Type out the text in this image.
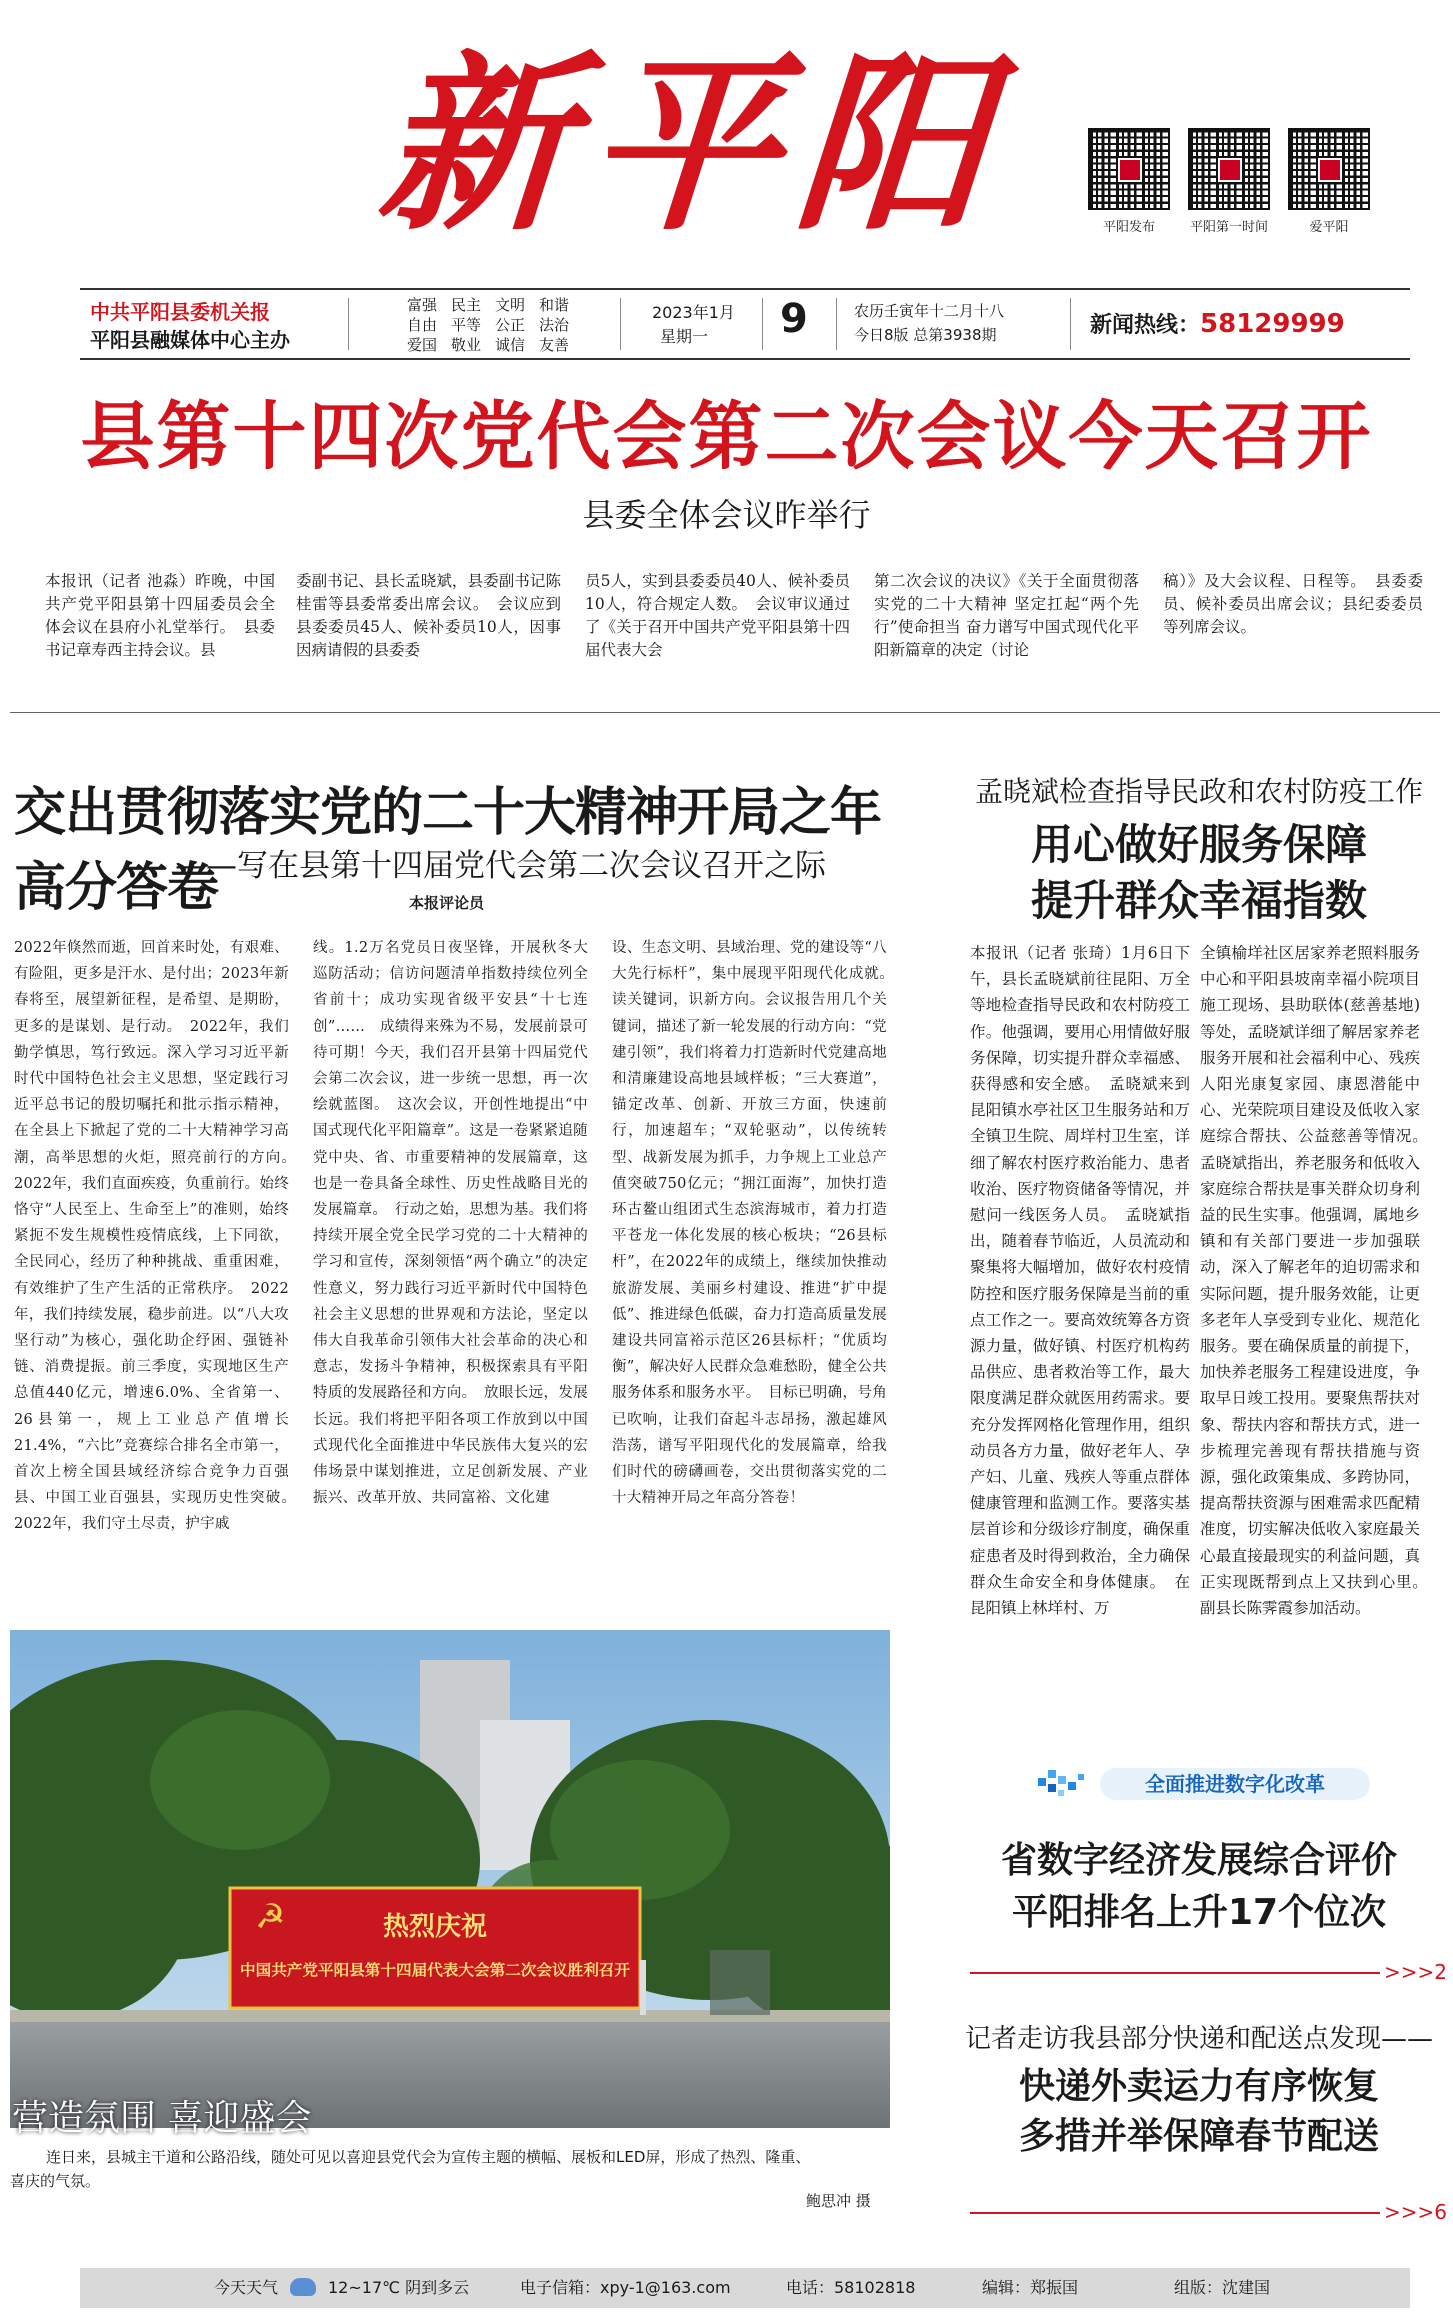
新平阳	平阳发布	平阳第一时间	爱平阳
中共平阳县委机关报
平阳县融媒体中心主办
富强 民主 文明 和谐自由 平等 公正 法治爱国 敬业 诚信 友善
2023年1月
星期一 9	农历壬寅年十二月十八
今日8版 总第3938期	新闻热线：58129999
县第十四次党代会第二次会议今天召开
县委全体会议昨举行
本报讯（记者 池淼）昨晚，中国共产党平阳县第十四届委员会全体会议在县府小礼堂举行。　县委书记章寿西主持会议。县
委副书记、县长孟晓斌，县委副书记陈桂雷等县委常委出席会议。　会议应到县委委员45人、候补委员10人，因事因病请假的县委委
员5人，实到县委委员40人、候补委员10人，符合规定人数。　会议审议通过了《关于召开中国共产党平阳县第十四届代表大会
第二次会议的决议》《关于全面贯彻落实党的二十大精神 坚定扛起“两个先行”使命担当 奋力谱写中国式现代化平阳新篇章的决定（讨论
稿）》及大会议程、日程等。　县委委员、候补委员出席会议；县纪委委员等列席会议。
交出贯彻落实党的二十大精神开局之年高分答卷
——写在县第十四届党代会第二次会议召开之际
本报评论员
2022年倏然而逝，回首来时处，有艰难、有险阻，更多是汗水、是付出；2023年新春将至，展望新征程，是希望、是期盼，更多的是谋划、是行动。　2022年，我们勤学慎思，笃行致远。深入学习习近平新时代中国特色社会主义思想，坚定践行习近平总书记的殷切嘱托和批示指示精神，在全县上下掀起了党的二十大精神学习高潮，高举思想的火炬，照亮前行的方向。　2022年，我们直面疾疫，负重前行。始终恪守“人民至上、生命至上”的准则，始终紧扼不发生规模性疫情底线，上下同欲，全民同心，经历了种种挑战、重重困难，有效维护了生产生活的正常秩序。　2022年，我们持续发展，稳步前进。以“八大攻坚行动”为核心，强化助企纾困、强链补链、消费提振。前三季度，实现地区生产总值440亿元，增速6.0%、全省第一、26县第一，规上工业总产值增长21.4%，“六比”竞赛综合排名全市第一，首次上榜全国县域经济综合竞争力百强县、中国工业百强县，实现历史性突破。　2022年，我们守土尽责，护宇戚
线。1.2万名党员日夜坚锋，开展秋冬大巡防活动；信访问题清单指数持续位列全省前十；成功实现省级平安县“十七连创”……　成绩得来殊为不易，发展前景可待可期！今天，我们召开县第十四届党代会第二次会议，进一步统一思想，再一次绘就蓝图。　这次会议，开创性地提出“中国式现代化平阳篇章”。这是一卷紧紧追随党中央、省、市重要精神的发展篇章，这也是一卷具备全球性、历史性战略目光的发展篇章。　行动之始，思想为基。我们将持续开展全党全民学习党的二十大精神的学习和宣传，深刻领悟“两个确立”的决定性意义，努力践行习近平新时代中国特色社会主义思想的世界观和方法论，坚定以伟大自我革命引领伟大社会革命的决心和意志，发扬斗争精神，积极探索具有平阳特质的发展路径和方向。　放眼长远，发展长远。我们将把平阳各项工作放到以中国式现代化全面推进中华民族伟大复兴的宏伟场景中谋划推进，立足创新发展、产业振兴、改革开放、共同富裕、文化建
设、生态文明、县域治理、党的建设等“八大先行标杆”，集中展现平阳现代化成就。　读关键词，识新方向。会议报告用几个关键词，描述了新一轮发展的行动方向：“党建引领”，我们将着力打造新时代党建高地和清廉建设高地县域样板；“三大赛道”，锚定改革、创新、开放三方面，快速前行，加速超车；“双轮驱动”，以传统转型、战新发展为抓手，力争规上工业总产值突破750亿元；“拥江面海”，加快打造环古鳌山组团式生态滨海城市，着力打造平苍龙一体化发展的核心板块；“26县标杆”，在2022年的成绩上，继续加快推动旅游发展、美丽乡村建设、推进“扩中提低”、推进绿色低碳，奋力打造高质量发展建设共同富裕示范区26县标杆；“优质均衡”，解决好人民群众急难愁盼，健全公共服务体系和服务水平。　目标已明确，号角已吹响，让我们奋起斗志昂扬，激起雄风浩荡，谱写平阳现代化的发展篇章，给我们时代的磅礴画卷，交出贯彻落实党的二十大精神开局之年高分答卷！
☭	热烈庆祝
中国共产党平阳县第十四届代表大会第二次会议胜利召开
营造氛围 喜迎盛会
连日来，县城主干道和公路沿线，随处可见以喜迎县党代会为宣传主题的横幅、展板和LED屏，形成了热烈、隆重、
喜庆的气氛。
鲍思冲 摄
孟晓斌检查指导民政和农村防疫工作
用心做好服务保障
提升群众幸福指数
本报讯（记者 张琦）1月6日下午，县长孟晓斌前往昆阳、万全等地检查指导民政和农村防疫工作。他强调，要用心用情做好服务保障，切实提升群众幸福感、获得感和安全感。　孟晓斌来到昆阳镇水亭社区卫生服务站和万全镇卫生院、周垟村卫生室，详细了解农村医疗救治能力、患者收治、医疗物资储备等情况，并慰问一线医务人员。　孟晓斌指出，随着春节临近，人员流动和聚集将大幅增加，做好农村疫情防控和医疗服务保障是当前的重点工作之一。要高效统筹各方资源力量，做好镇、村医疗机构药品供应、患者救治等工作，最大限度满足群众就医用药需求。要充分发挥网格化管理作用，组织动员各方力量，做好老年人、孕产妇、儿童、残疾人等重点群体健康管理和监测工作。要落实基层首诊和分级诊疗制度，确保重症患者及时得到救治，全力确保群众生命安全和身体健康。　在昆阳镇上林垟村、万
全镇榆垟社区居家养老照料服务中心和平阳县坡南幸福小院项目施工现场、县助联体(慈善基地)等处，孟晓斌详细了解居家养老服务开展和社会福利中心、残疾人阳光康复家园、康恩潜能中心、光荣院项目建设及低收入家庭综合帮扶、公益慈善等情况。　孟晓斌指出，养老服务和低收入家庭综合帮扶是事关群众切身利益的民生实事。他强调，属地乡镇和有关部门要进一步加强联动，深入了解老年的迫切需求和实际问题，提升服务效能，让更多老年人享受到专业化、规范化服务。要在确保质量的前提下，加快养老服务工程建设进度，争取早日竣工投用。要聚焦帮扶对象、帮扶内容和帮扶方式，进一步梳理完善现有帮扶措施与资源，强化政策集成、多跨协同，提高帮扶资源与困难需求匹配精准度，切实解决低收入家庭最关心最直接最现实的利益问题，真正实现既帮到点上又扶到心里。　副县长陈霁霞参加活动。
全面推进数字化改革
省数字经济发展综合评价
平阳排名上升17个位次
>>>2
记者走访我县部分快递和配送点发现——
快递外卖运力有序恢复
多措并举保障春节配送
>>>6
今天天气	12~17℃ 阴到多云	电子信箱：xpy-1@163.com	电话：58102818	编辑：郑振国	组版：沈建国
